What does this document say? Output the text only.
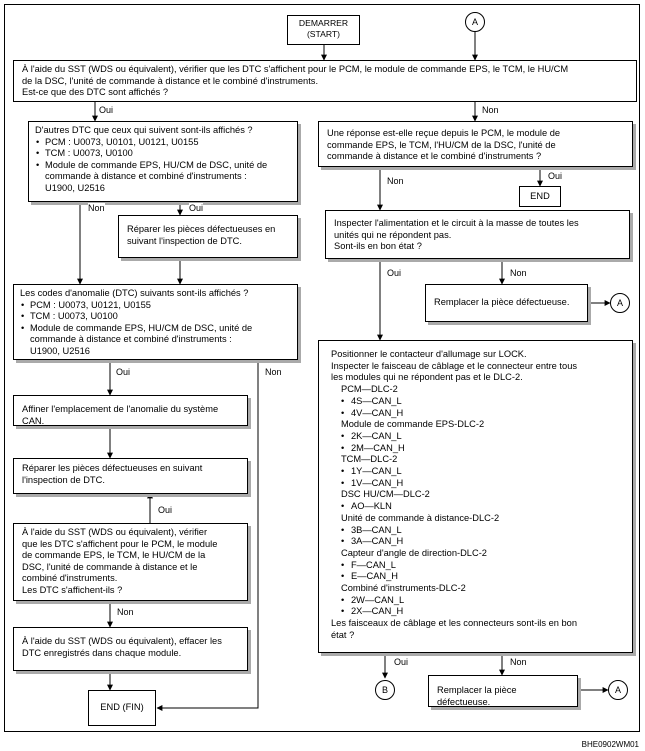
DEMARRER
(START)
A
À l'aide du SST (WDS ou équivalent), vérifier que les DTC s'affichent pour le PCM, le module de commande EPS, le TCM, le HU/CM
de la DSC, l'unité de commande à distance et le combiné d'instruments.
Est-ce que des DTC sont affichés ?
Oui	Non
D'autres DTC que ceux qui suivent sont-ils affichés ?
• PCM : U0073, U0101, U0121, U0155
• TCM : U0073, U0100
• Module de commande EPS, HU/CM de DSC, unité de commande à distance et combiné d'instruments :
U1900, U2516
Non	Oui
Réparer les pièces défectueuses en
suivant l'inspection de DTC.
Les codes d'anomalie (DTC) suivants sont-ils affichés ?
• PCM : U0073, U0121, U0155
• TCM : U0073, U0100
• Module de commande EPS, HU/CM de DSC, unité de commande à distance et combiné d'instruments :
U1900, U2516
Oui	Non
Affiner l'emplacement de l'anomalie du système CAN.
Réparer les pièces défectueuses en suivant
l'inspection de DTC.
Oui
À l'aide du SST (WDS ou équivalent), vérifier
que les DTC s'affichent pour le PCM, le module
de commande EPS, le TCM, le HU/CM de la
DSC, l'unité de commande à distance et le
combiné d'instruments.
Les DTC s'affichent-ils ?
Non
À l'aide du SST (WDS ou équivalent), effacer les
DTC enregistrés dans chaque module.
END (FIN)
Une réponse est-elle reçue depuis le PCM, le module de
commande EPS, le TCM, l'HU/CM de la DSC, l'unité de
commande à distance et le combiné d'instruments ?
Non	Oui
END
Inspecter l'alimentation et le circuit à la masse de toutes les
unités qui ne répondent pas.
Sont-ils en bon état ?
Oui	Non
Remplacer la pièce défectueuse.	A
Positionner le contacteur d'allumage sur LOCK.
Inspecter le faisceau de câblage et le connecteur entre tous
les modules qui ne répondent pas et le DLC-2.
PCM—DLC-2
• 4S—CAN_L
• 4V—CAN_H
Module de commande EPS-DLC-2
• 2K—CAN_L
• 2M—CAN_H
TCM—DLC-2
• 1Y—CAN_L
• 1V—CAN_H
DSC HU/CM—DLC-2
• AO—KLN
Unité de commande à distance-DLC-2
• 3B—CAN_L
• 3A—CAN_H
Capteur d'angle de direction-DLC-2
• F—CAN_L
• E—CAN_H
Combiné d'instruments-DLC-2
• 2W—CAN_L
• 2X—CAN_H
Les faisceaux de câblage et les connecteurs sont-ils en bon
état ?
Oui	Non
B	Remplacer la pièce défectueuse.
A
BHE0902WM01
